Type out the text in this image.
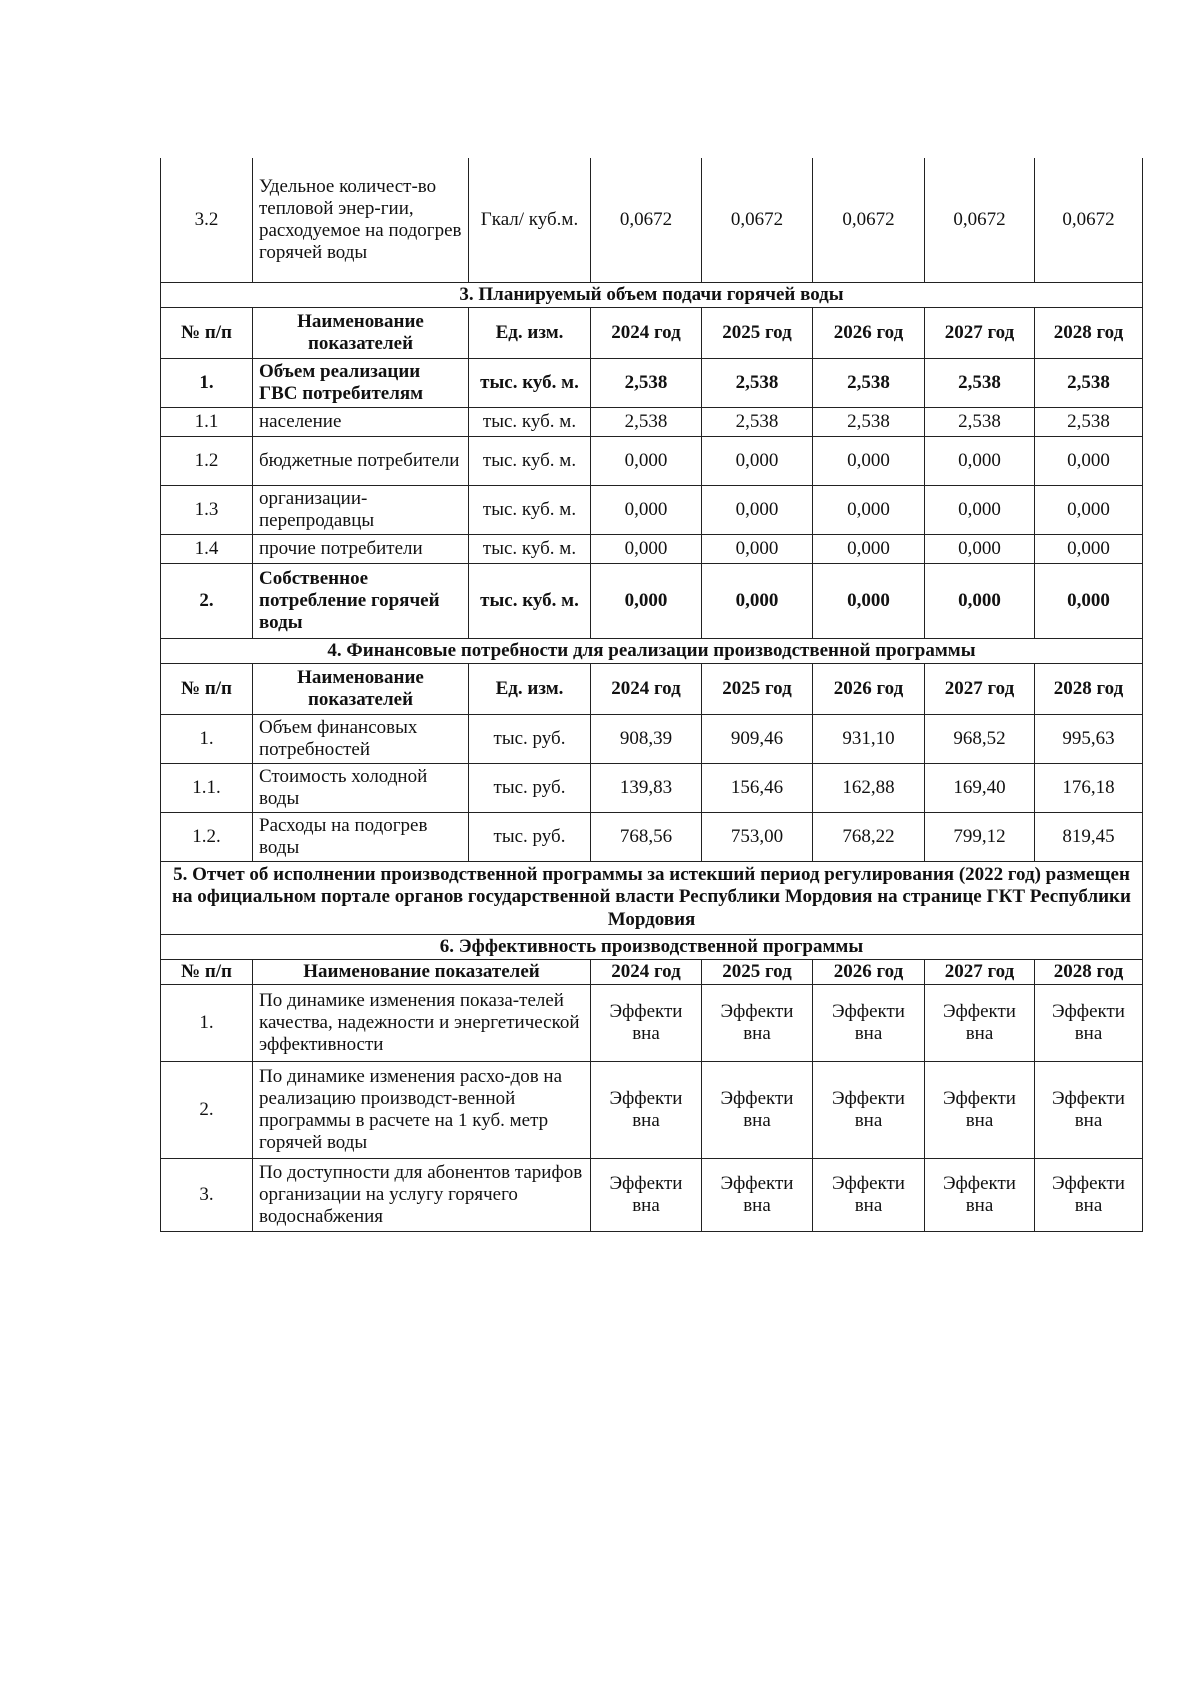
3.2	Удельное количест-во тепловой энер-гии, расходуемое на подогрев горячей воды	Гкал/ куб.м.	0,0672	0,0672	0,0672	0,0672	0,0672
3. Планируемый объем подачи горячей воды							
№ п/п	Наименование показателей	Ед. изм.	2024 год	2025 год	2026 год	2027 год	2028 год
1.	Объем реализации ГВС потребителям	тыс. куб. м.	2,538	2,538	2,538	2,538	2,538
1.1	население	тыс. куб. м.	2,538	2,538	2,538	2,538	2,538
1.2	бюджетные потребители	тыс. куб. м.	0,000	0,000	0,000	0,000	0,000
1.3	организации-перепродавцы	тыс. куб. м.	0,000	0,000	0,000	0,000	0,000
1.4	прочие потребители	тыс. куб. м.	0,000	0,000	0,000	0,000	0,000
2.	Собственное потребление горячей воды	тыс. куб. м.	0,000	0,000	0,000	0,000	0,000
4. Финансовые потребности для реализации производственной программы							
№ п/п	Наименование показателей	Ед. изм.	2024 год	2025 год	2026 год	2027 год	2028 год
1.	Объем финансовых потребностей	тыс. руб.	908,39	909,46	931,10	968,52	995,63
1.1.	Стоимость холодной воды	тыс. руб.	139,83	156,46	162,88	169,40	176,18
1.2.	Расходы на подогрев воды	тыс. руб.	768,56	753,00	768,22	799,12	819,45
5. Отчет об исполнении производственной программы за истекший период регулирования (2022 год) размещен на официальном портале органов государственной власти Республики Мордовия на странице ГКТ Республики Мордовия							
6. Эффективность производственной программы							
№ п/п	Наименование показателей		2024 год	2025 год	2026 год	2027 год	2028 год
1.	По динамике изменения показа-телей качества, надежности и энергетической эффективности		Эффекти вна	Эффекти вна	Эффекти вна	Эффекти вна	Эффекти вна
2.	По динамике изменения расхо-дов на реализацию производст-венной программы в расчете на 1 куб. метр горячей воды		Эффекти вна	Эффекти вна	Эффекти вна	Эффекти вна	Эффекти вна
3.	По доступности для абонентов тарифов организации на услугу горячего водоснабжения		Эффекти вна	Эффекти вна	Эффекти вна	Эффекти вна	Эффекти вна
